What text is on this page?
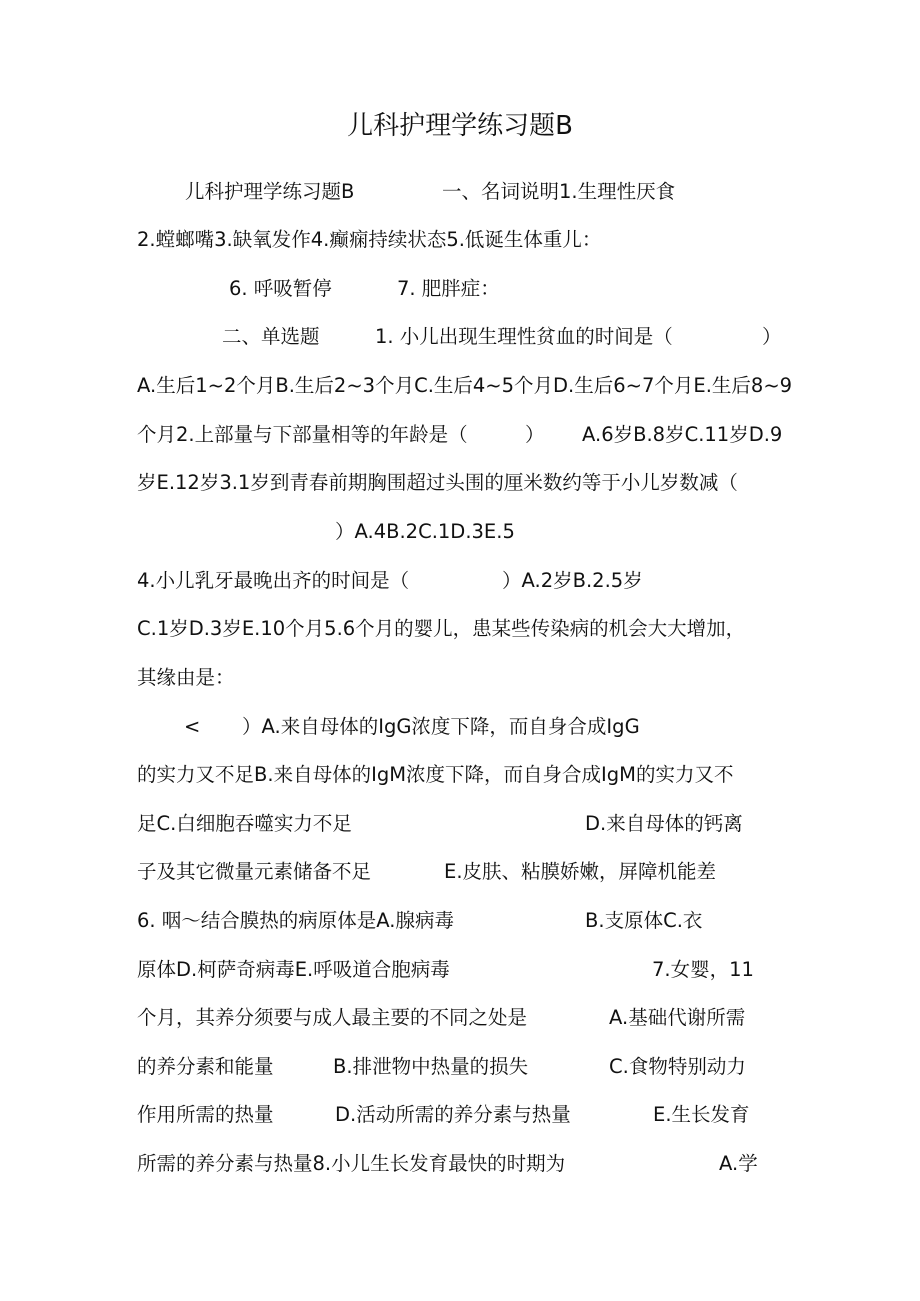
儿科护理学练习题B
儿科护理学练习题B	一、名词说明1.生理性厌食
2.螳螂嘴3.缺氧发作4.癫痫持续状态5.低诞生体重儿：
6. 呼吸暂停	7. 肥胖症：
二、单选题	1. 小儿出现生理性贫血的时间是（	）
A.生后1~2个月B.生后2~3个月C.生后4~5个月D.生后6~7个月E.生后8~9
个月2.上部量与下部量相等的年龄是（	） A.6岁B.8岁C.11岁D.9
岁E.12岁3.1岁到青春前期胸围超过头围的厘米数约等于小儿岁数减（
）A.4B.2C.1D.3E.5
4.小儿乳牙最晚出齐的时间是（	）A.2岁B.2.5岁
C.1岁D.3岁E.10个月5.6个月的婴儿，患某些传染病的机会大大增加，
其缘由是：
< ）A.来自母体的IgG浓度下降，而自身合成IgG
的实力又不足B.来自母体的IgM浓度下降，而自身合成IgM的实力又不
足C.白细胞吞噬实力不足	D.来自母体的钙离
子及其它微量元素储备不足	E.皮肤、粘膜娇嫩，屏障机能差
6. 咽～结合膜热的病原体是A.腺病毒	B.支原体C.衣
原体D.柯萨奇病毒E.呼吸道合胞病毒	7.女婴，11
个月，其养分须要与成人最主要的不同之处是	A.基础代谢所需
的养分素和能量	B.排泄物中热量的损失	C.食物特别动力
作用所需的热量	D.活动所需的养分素与热量	E.生长发育
所需的养分素与热量8.小儿生长发育最快的时期为	A.学
